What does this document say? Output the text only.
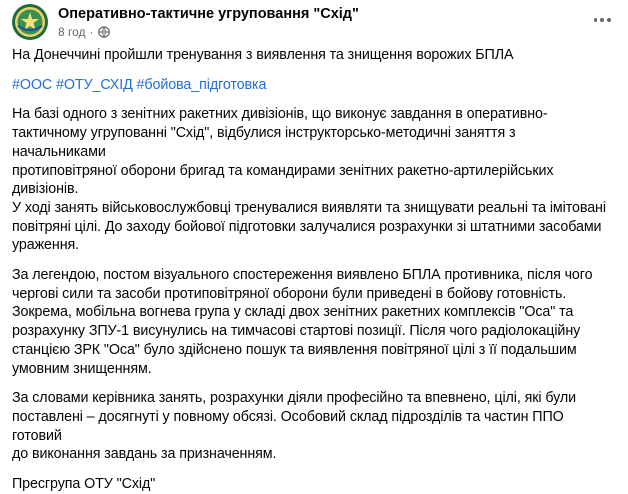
Оперативно-тактичне угруповання "Схід"
8 год ·

На Донеччині пройшли тренування з виявлення та знищення ворожих БПЛА

#ООС #ОТУ_СХІД #бойова_підготовка

На базі одного з зенітних ракетних дивізіонів, що виконує завдання в оперативно-

тактичному угрупованні "Схід", відбулися інструкторсько-методичні заняття з начальниками

протиповітряної оборони бригад та командирами зенітних ракетно-артилерійських

дивізіонів.

У ході занять військовослужбовці тренувалися виявляти та знищувати реальні та імітовані

повітряні цілі. До заходу бойової підготовки залучалися розрахунки зі штатними засобами

ураження.

За легендою, постом візуального спостереження виявлено БПЛА противника, після чого

чергові сили та засоби протиповітряної оборони були приведені в бойову готовність.

Зокрема, мобільна вогнева група у складі двох зенітних ракетних комплексів "Оса" та

розрахунку ЗПУ-1 висунулись на тимчасові стартові позиції. Після чого радіолокаційну

станцією ЗРК "Оса" було здійснено пошук та виявлення повітряної цілі з її подальшим

умовним знищенням.

За словами керівника занять, розрахунки діяли професійно та впевнено, цілі, які були

поставлені – досягнуті у повному обсязі. Особовий склад підрозділів та частин ППО готовий

до виконання завдань за призначенням.

Пресгрупа ОТУ "Схід"
